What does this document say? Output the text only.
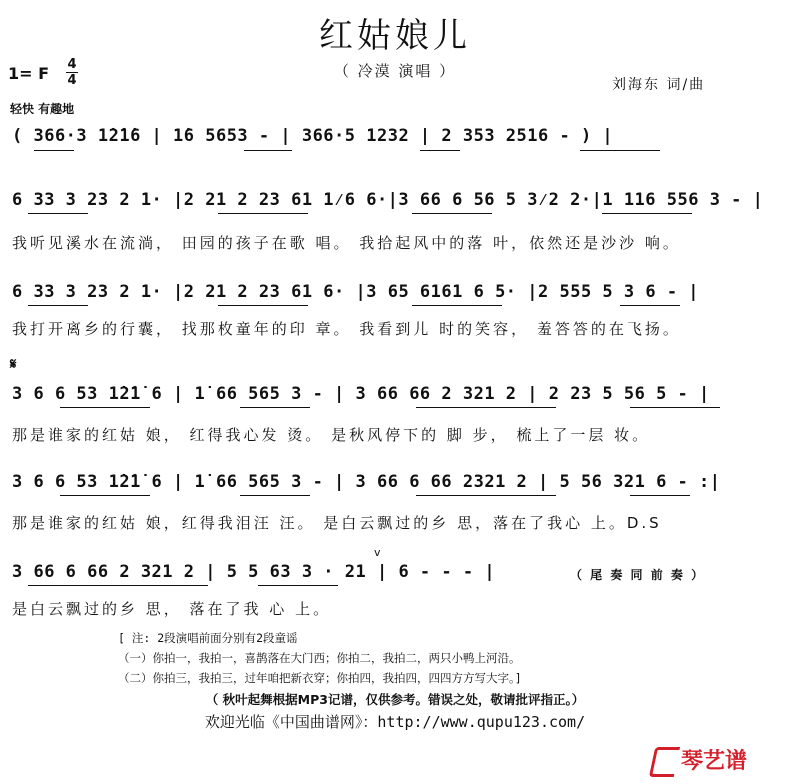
红姑娘儿
（ 冷漠 演唱 ）
1= F 4
4
轻快 有趣地
刘海东 词/曲
( 366·3 1̇2̇1̇6 | 1̇6 5653 - | 366·5 1232 | 2 353 2516 - ) |
6 33 3 23 2 1· |2 21 2 23 61 1⁄6 6·|3 66 6 56 5 3⁄2 2·|1 116 556 3 - |
我听见溪水在流淌， 田园的孩子在歌 唱。 我拾起风中的落 叶，依然还是沙沙 响。
6 33 3 23 2 1· |2 21 2 23 61 6· |3 65 6161 6 5· |2 555 5 3 6 - |
我打开离乡的行囊， 找那枚童年的印 章。 我看到儿 时的笑容， 羞答答的在飞扬。
𝄋
3 6 6 53 1̇2̇1̇ 6 | 1̇ 66 565 3 - | 3 66 66 2 321 2 | 2 23 5 56 5 - |
那是谁家的红姑 娘， 红得我心发 烫。 是秋风停下的 脚 步， 梳上了一层 妆。
3 6 6 53 1̇2̇1̇ 6 | 1̇ 66 565 3 - | 3 66 6 66 2321 2 | 5 56 321 6 - :|
那是谁家的红姑 娘，红得我泪汪 汪。 是白云飘过的乡 思，落在了我心 上。D.S
3 66 6 66 2 321 2 | 5 5 63 3 · 21 | 6 - - - |
v
（ 尾 奏 同 前 奏 ）
是白云飘过的乡 思， 落在了我 心 上。
[ 注: 2段演唱前面分别有2段童谣
（一）你拍一，我拍一，喜鹊落在大门西；你拍二，我拍二，两只小鸭上河沿。
（二）你拍三，我拍三，过年咱把新衣穿；你拍四，我拍四，四四方方写大字。]
（ 秋叶起舞根据MP3记谱，仅供参考。错误之处，敬请批评指正。）
欢迎光临《中国曲谱网》：http://www.qupu123.com/
琴艺谱
